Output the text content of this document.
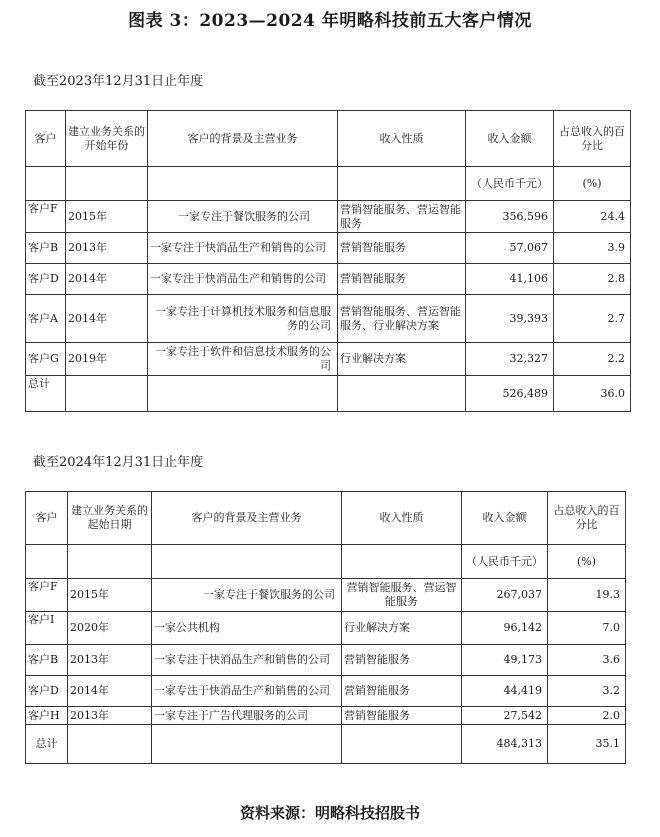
图表 3：2023—2024 年明略科技前五大客户情况
截至2023年12月31日止年度
客户	建立业务关系的开始年份	客户的背景及主营业务	收入性质	收入金额	占总收入的百分比
				（人民币千元）	(%)
客户F	2015年	一家专注于餐饮服务的公司	营销智能服务、营运智能服务	356,596	24.4
客户B	2013年	一家专注于快消品生产和销售的公司	营销智能服务	57,067	3.9
客户D	2014年	一家专注于快消品生产和销售的公司	营销智能服务	41,106	2.8
客户A	2014年	一家专注于计算机技术服务和信息服务的公司	营销智能服务、营运智能服务、行业解决方案	39,393	2.7
客户G	2019年	一家专注于软件和信息技术服务的公司	行业解决方案	32,327	2.2
总计				526,489	36.0
截至2024年12月31日止年度
客户	建立业务关系的起始日期	客户的背景及主营业务	收入性质	收入金额	占总收入的百分比
				（人民币千元）	(%)
客户F	2015年	一家专注于餐饮服务的公司	营销智能服务、营运智能服务	267,037	19.3
客户I	2020年	一家公共机构	行业解决方案	96,142	7.0
客户B	2013年	一家专注于快消品生产和销售的公司	营销智能服务	49,173	3.6
客户D	2014年	一家专注于快消品生产和销售的公司	营销智能服务	44,419	3.2
客户H	2013年	一家专注于广告代理服务的公司	营销智能服务	27,542	2.0
总计				484,313	35.1
资料来源：明略科技招股书
